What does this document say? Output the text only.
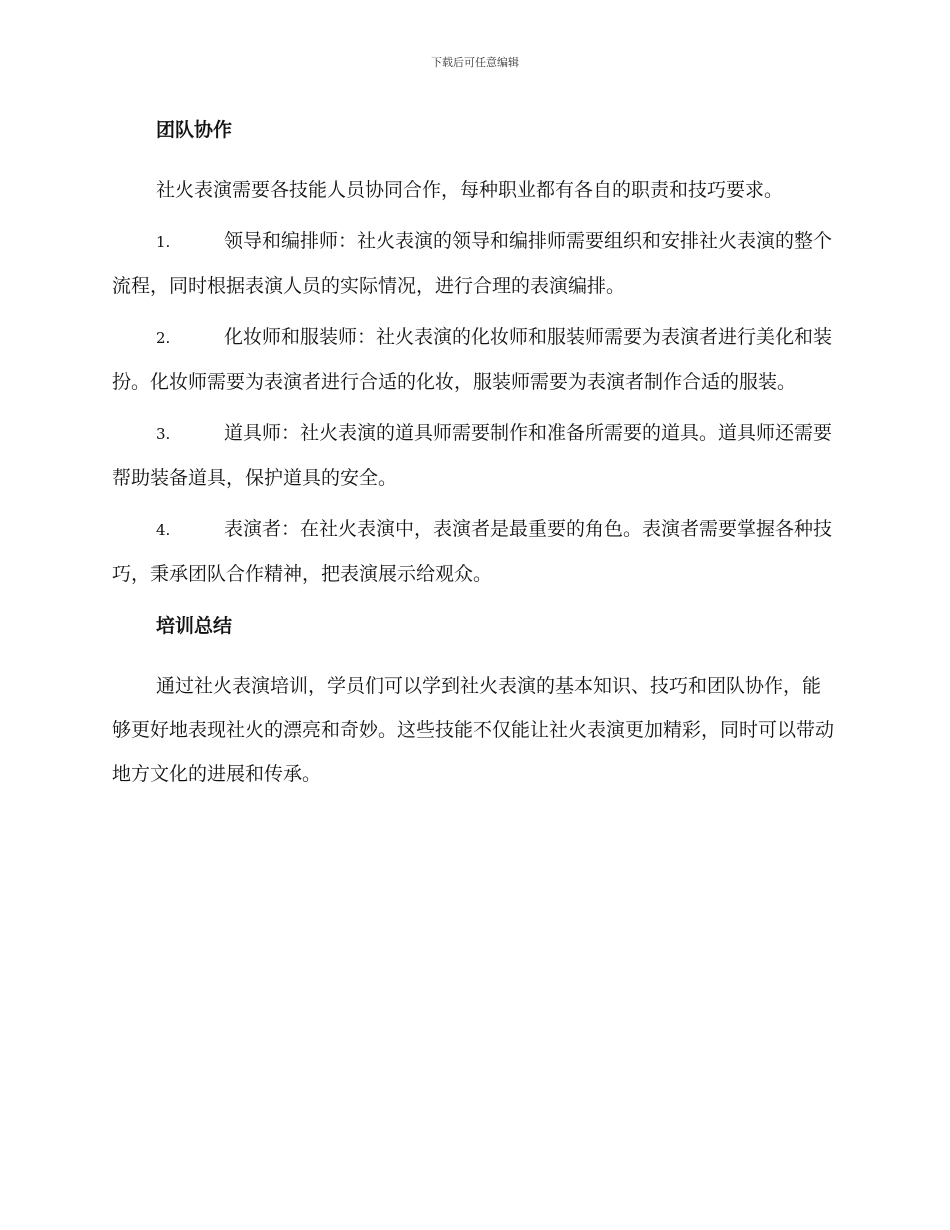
下载后可任意编辑
团队协作

社火表演需要各技能人员协同合作，每种职业都有各自的职责和技巧要求。

1.	领导和编排师：社火表演的领导和编排师需要组织和安排社火表演的整个流程，同时根据表演人员的实际情况，进行合理的表演编排。

2.	化妆师和服装师：社火表演的化妆师和服装师需要为表演者进行美化和装扮。化妆师需要为表演者进行合适的化妆，服装师需要为表演者制作合适的服装。

3.	道具师：社火表演的道具师需要制作和准备所需要的道具。道具师还需要帮助装备道具，保护道具的安全。

4.	表演者：在社火表演中，表演者是最重要的角色。表演者需要掌握各种技巧，秉承团队合作精神，把表演展示给观众。

培训总结

通过社火表演培训，学员们可以学到社火表演的基本知识、技巧和团队协作，能够更好地表现社火的漂亮和奇妙。这些技能不仅能让社火表演更加精彩，同时可以带动地方文化的进展和传承。
